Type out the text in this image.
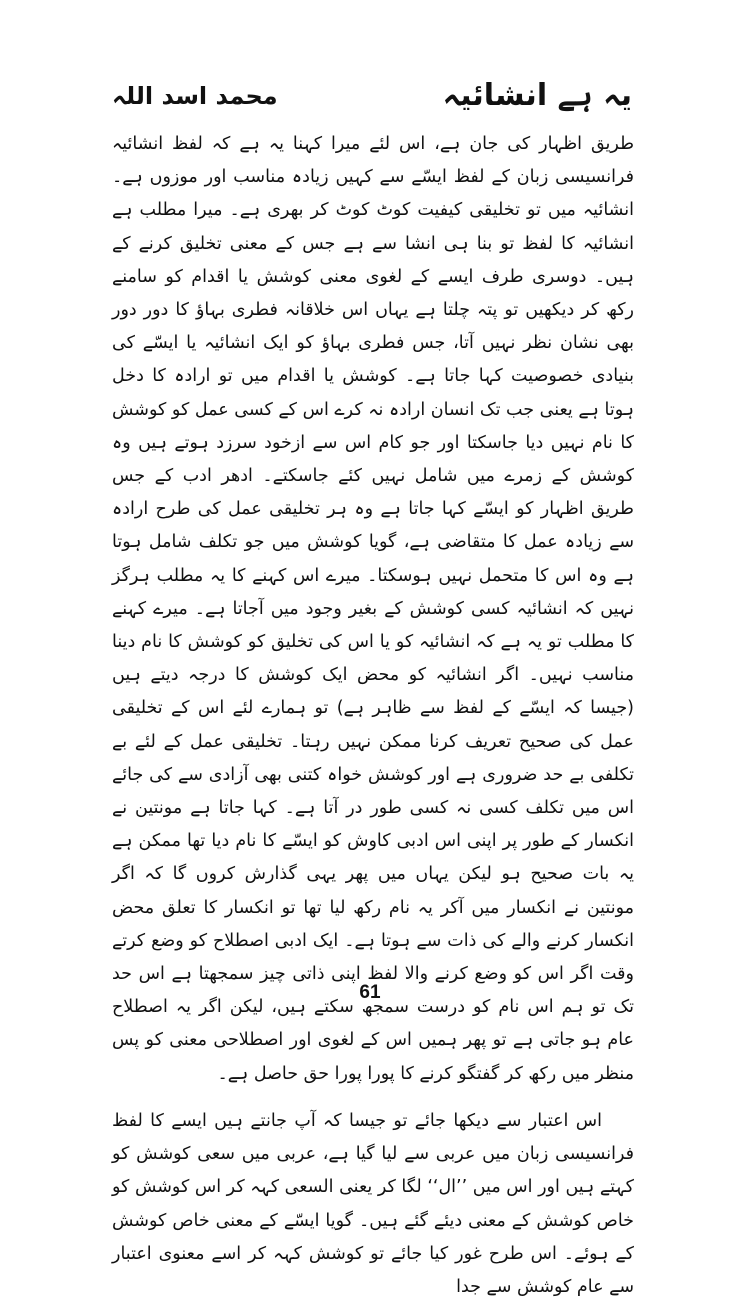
یہ ہے انشائیہ
محمد اسد اللہ

طریق اظہار کی جان ہے، اس لئے میرا کہنا یہ ہے کہ لفظ انشائیہ فرانسیسی زبان کے لفظ ایسّے سے کہیں زیادہ مناسب اور موزوں ہے۔ انشائیہ میں تو تخلیقی کیفیت کوٹ کوٹ کر بھری ہے۔ میرا مطلب ہے انشائیہ کا لفظ تو بنا ہی انشا سے ہے جس کے معنی تخلیق کرنے کے ہیں۔ دوسری طرف ایسے کے لغوی معنی کوشش یا اقدام کو سامنے رکھ کر دیکھیں تو پتہ چلتا ہے یہاں اس خلاقانہ فطری بہاؤ کا دور دور بھی نشان نظر نہیں آتا، جس فطری بہاؤ کو ایک انشائیہ یا ایسّے کی بنیادی خصوصیت کہا جاتا ہے۔ کوشش یا اقدام میں تو ارادہ کا دخل ہوتا ہے یعنی جب تک انسان ارادہ نہ کرے اس کے کسی عمل کو کوشش کا نام نہیں دیا جاسکتا اور جو کام اس سے ازخود سرزد ہوتے ہیں وہ کوشش کے زمرے میں شامل نہیں کئے جاسکتے۔ ادھر ادب کے جس طریق اظہار کو ایسّے کہا جاتا ہے وہ ہر تخلیقی عمل کی طرح ارادہ سے زیادہ عمل کا متقاضی ہے، گویا کوشش میں جو تکلف شامل ہوتا ہے وہ اس کا متحمل نہیں ہوسکتا۔ میرے اس کہنے کا یہ مطلب ہرگز نہیں کہ انشائیہ کسی کوشش کے بغیر وجود میں آجاتا ہے۔ میرے کہنے کا مطلب تو یہ ہے کہ انشائیہ کو یا اس کی تخلیق کو کوشش کا نام دینا مناسب نہیں۔ اگر انشائیہ کو محض ایک کوشش کا درجہ دیتے ہیں (جیسا کہ ایسّے کے لفظ سے ظاہر ہے) تو ہمارے لئے اس کے تخلیقی عمل کی صحیح تعریف کرنا ممکن نہیں رہتا۔ تخلیقی عمل کے لئے بے تکلفی بے حد ضروری ہے اور کوشش خواہ کتنی بھی آزادی سے کی جائے اس میں تکلف کسی نہ کسی طور در آتا ہے۔ کہا جاتا ہے مونتین نے انکسار کے طور پر اپنی اس ادبی کاوش کو ایسّے کا نام دیا تھا ممکن ہے یہ بات صحیح ہو لیکن یہاں میں پھر یہی گذارش کروں گا کہ اگر مونتین نے انکسار میں آکر یہ نام رکھ لیا تھا تو انکسار کا تعلق محض انکسار کرنے والے کی ذات سے ہوتا ہے۔ ایک ادبی اصطلاح کو وضع کرتے وقت اگر اس کو وضع کرنے والا لفظ اپنی ذاتی چیز سمجھتا ہے اس حد تک تو ہم اس نام کو درست سمجھ سکتے ہیں، لیکن اگر یہ اصطلاح عام ہو جاتی ہے تو پھر ہمیں اس کے لغوی اور اصطلاحی معنی کو پس منظر میں رکھ کر گفتگو کرنے کا پورا پورا حق حاصل ہے۔

اس اعتبار سے دیکھا جائے تو جیسا کہ آپ جانتے ہیں ایسے کا لفظ فرانسیسی زبان میں عربی سے لیا گیا ہے، عربی میں سعی کوشش کو کہتے ہیں اور اس میں ’’ال‘‘ لگا کر یعنی السعی کہہ کر اس کوشش کو خاص کوشش کے معنی دیئے گئے ہیں۔ گویا ایسّے کے معنی خاص کوشش کے ہوئے۔ اس طرح غور کیا جائے تو کوشش کہہ کر اسے معنوی اعتبار سے عام کوشش سے جدا

61
